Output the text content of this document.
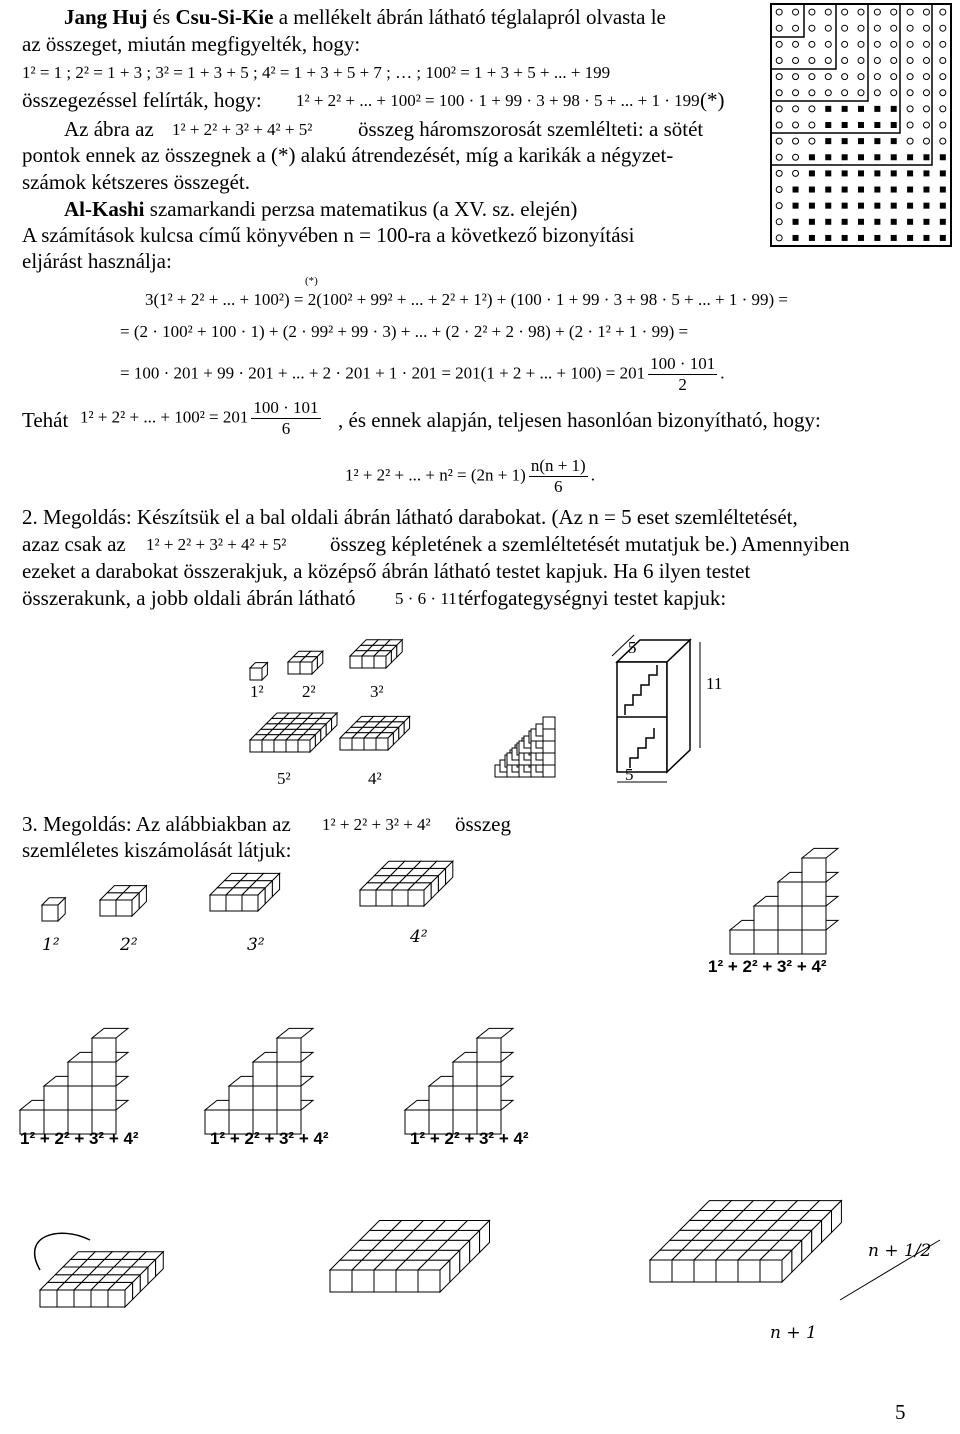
Jang Huj és Csu-Si-Kie a mellékelt ábrán látható téglalapról olvasta le
az összeget, miután megfigyelték, hogy:
1² = 1 ; 2² = 1 + 3 ; 3² = 1 + 3 + 5 ; 4² = 1 + 3 + 5 + 7 ; … ; 100² = 1 + 3 + 5 + ... + 199
összegezéssel felírták, hogy: 1² + 2² + ... + 100² = 100 · 1 + 99 · 3 + 98 · 5 + ... + 1 · 199 (*)
Az ábra az 1² + 2² + 3² + 4² + 5² összeg háromszorosát szemlélteti: a sötét
pontok ennek az összegnek a (*) alakú átrendezését, míg a karikák a négyzet-
számok kétszeres összegét.
Al-Kashi szamarkandi perzsa matematikus (a XV. sz. elején)
A számítások kulcsa című könyvében n = 100-ra a következő bizonyítási
eljárást használja:
(*)
3(1² + 2² + ... + 100²) = 2(100² + 99² + ... + 2² + 1²) + (100 · 1 + 99 · 3 + 98 · 5 + ... + 1 · 99) =
= (2 · 100² + 100 · 1) + (2 · 99² + 99 · 3) + ... + (2 · 2² + 2 · 98) + (2 · 1² + 1 · 99) =
= 100 · 201 + 99 · 201 + ... + 2 · 201 + 1 · 201 = 201(1 + 2 + ... + $100) = 201 \frac{100 \cdot 101}{2}$ .
Tehát 1² + 2² + ... + $100^2 = 201 \frac{100 \cdot 101}{6}$ , és ennek alapján, teljesen hasonlóan bizonyítható, hogy:
1² + 2² + ... + $n^2 = (2n + 1) \frac{n(n + 1)}{6}$ .
2. Megoldás: Készítsük el a bal oldali ábrán látható darabokat. (Az n = 5 eset szemléltetését,
azaz csak az 1² + 2² + 3² + 4² + 5² összeg képletének a szemléltetését mutatjuk be.) Amennyiben
ezeket a darabokat összerakjuk, a középső ábrán látható testet kapjuk. Ha 6 ilyen testet
összerakunk, a jobb oldali ábrán látható 5 · 6 · 11 térfogategységnyi testet kapjuk:
1² 2²	3²
5²	4²
5
11
5
3. Megoldás: Az alábbiakban az 1² + 2² + 3² + 4² összeg
szemléletes kiszámolását látjuk:
1²	2²	3²	4²
1² + 2² + 3² + 4²
1² + 2² + 3² + 4²	1² + 2² + 3² + 4²	1² + 2² + 3² + 4²
n + 1/2
n + 1
5
